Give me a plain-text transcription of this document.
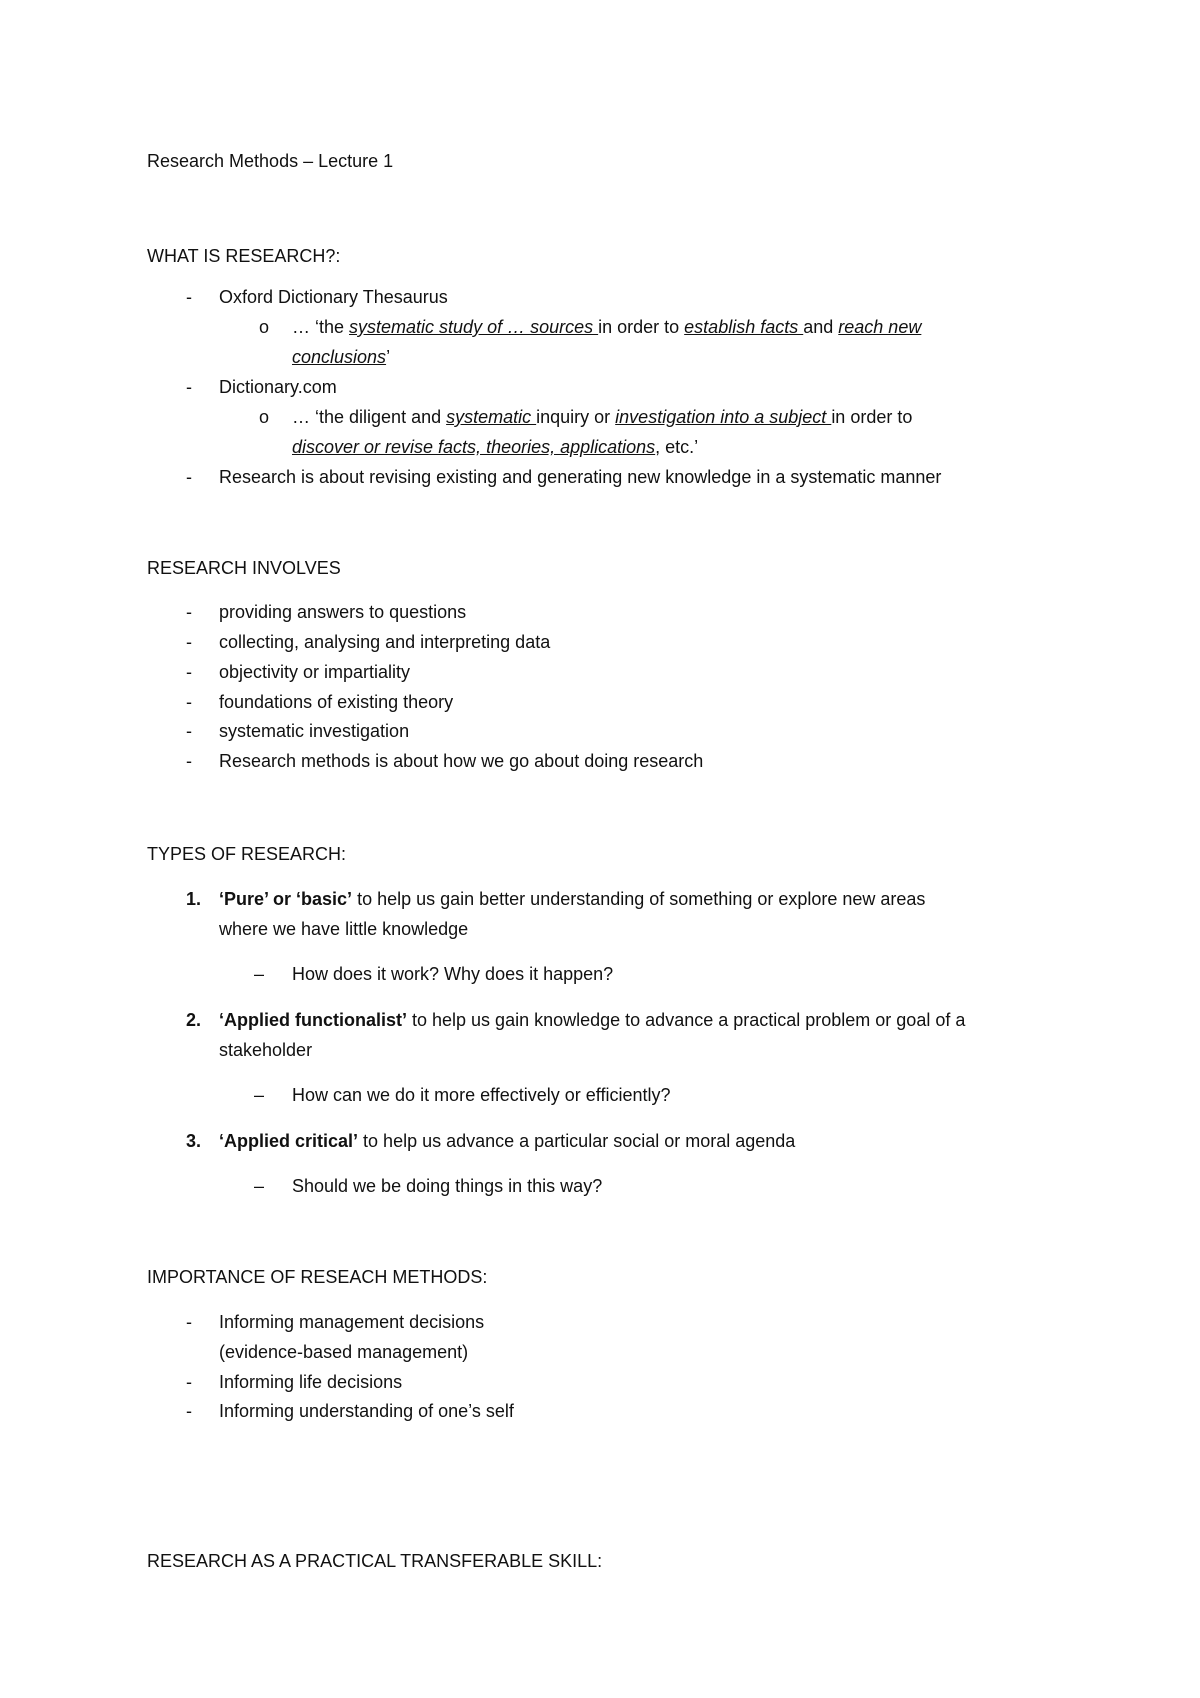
Research Methods – Lecture 1
WHAT IS RESEARCH?:
- Oxford Dictionary Thesaurus
o … ‘the systematic study of … sources in order to establish facts and reach new
conclusions’
- Dictionary.com
o … ‘the diligent and systematic inquiry or investigation into a subject in order to
discover or revise facts, theories, applications, etc.’
- Research is about revising existing and generating new knowledge in a systematic manner
RESEARCH INVOLVES
- providing answers to questions
- collecting, analysing and interpreting data
- objectivity or impartiality
- foundations of existing theory
- systematic investigation
- Research methods is about how we go about doing research
TYPES OF RESEARCH:
1. ‘Pure’ or ‘basic’ to help us gain better understanding of something or explore new areas
where we have little knowledge
– How does it work? Why does it happen?
2. ‘Applied functionalist’ to help us gain knowledge to advance a practical problem or goal of a
stakeholder
– How can we do it more effectively or efficiently?
3. ‘Applied critical’ to help us advance a particular social or moral agenda
– Should we be doing things in this way?
IMPORTANCE OF RESEACH METHODS:
- Informing management decisions
(evidence-based management)
- Informing life decisions
- Informing understanding of one’s self
RESEARCH AS A PRACTICAL TRANSFERABLE SKILL:
